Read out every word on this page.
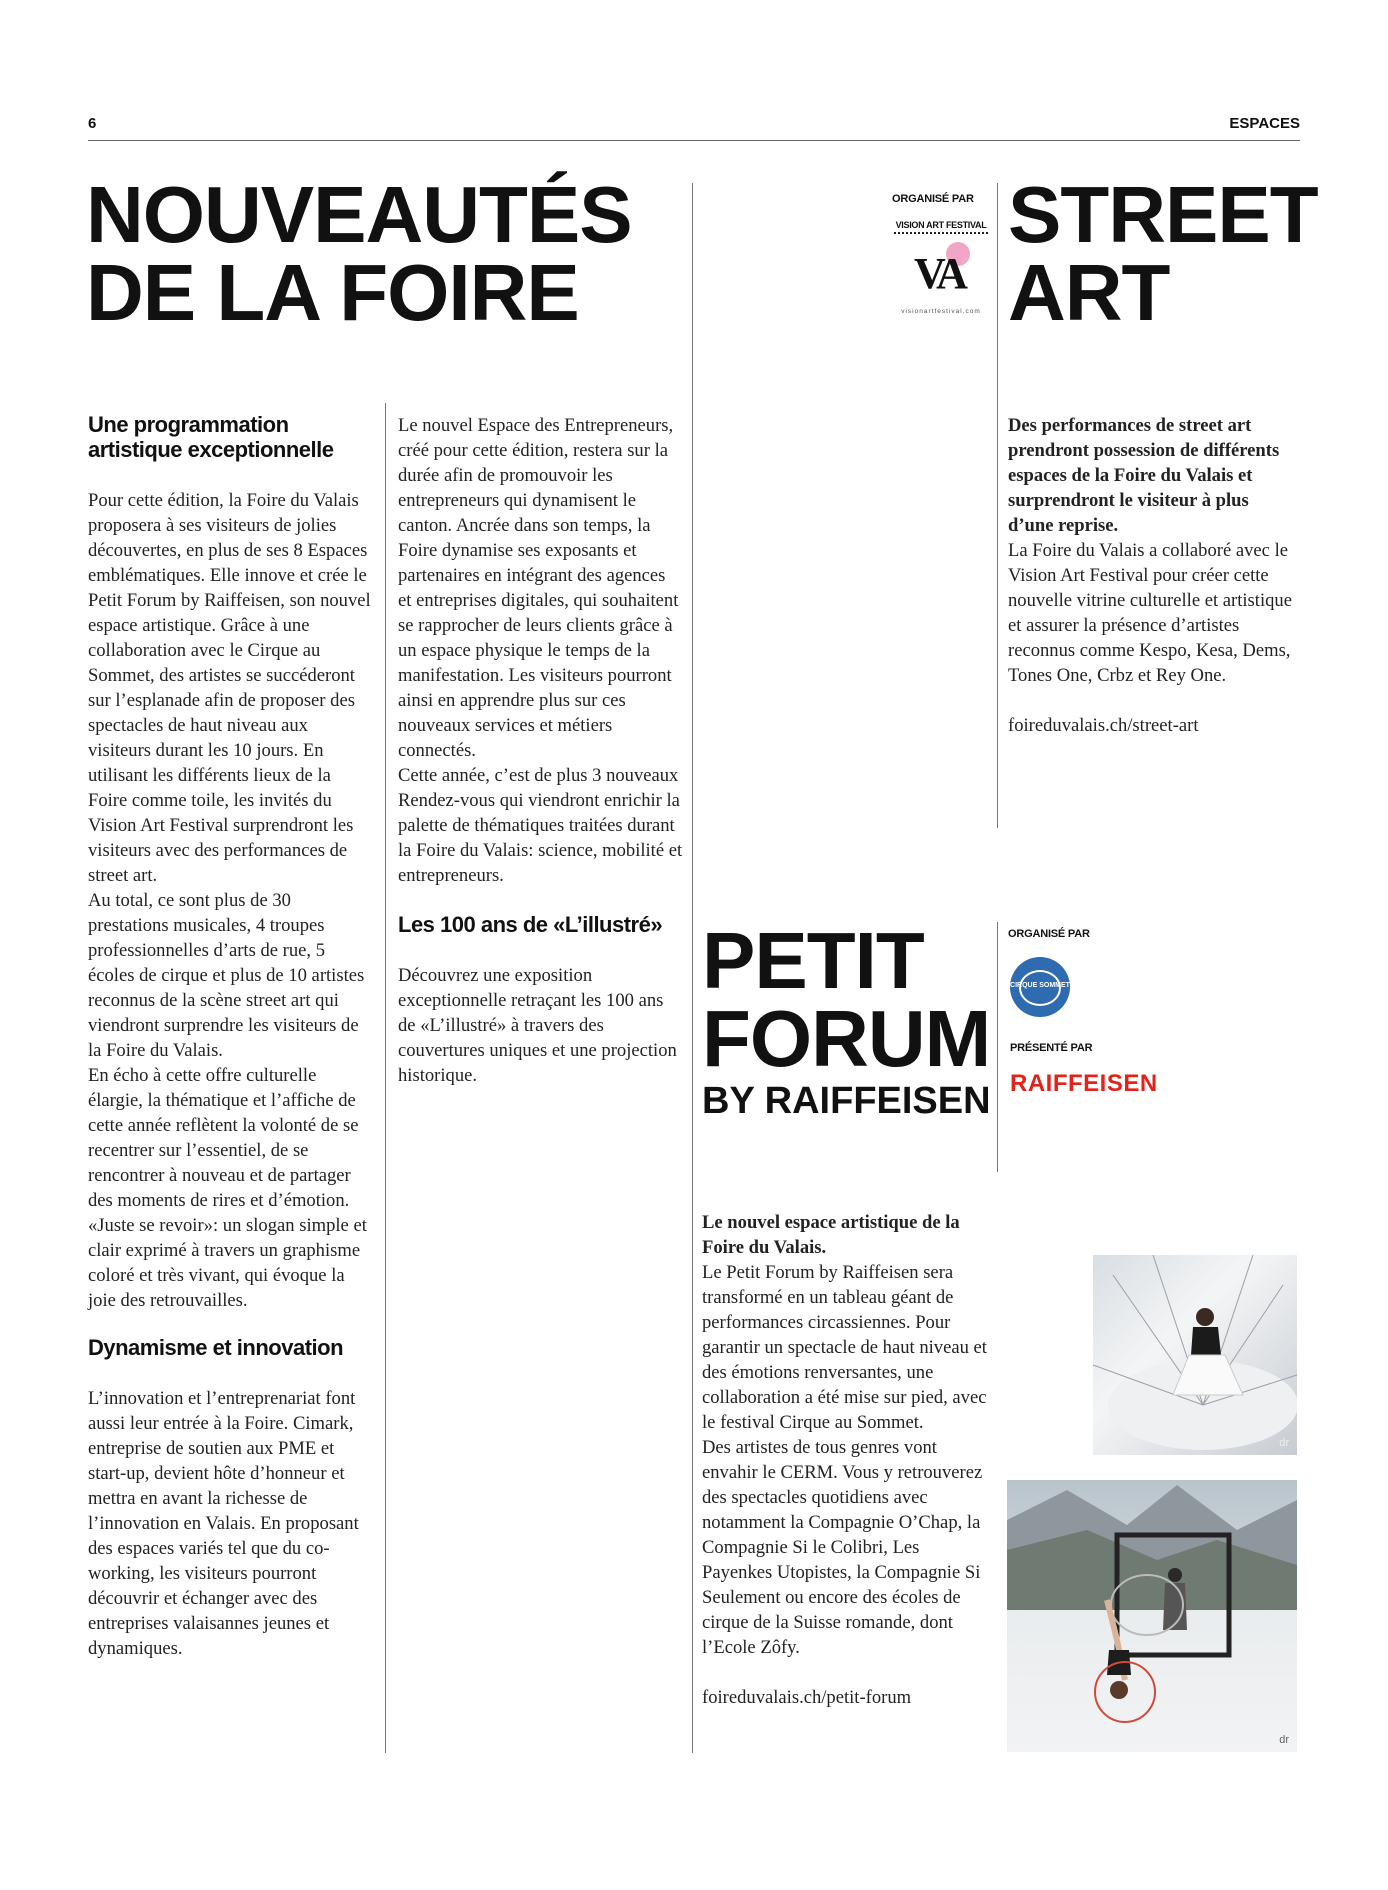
6	ESPACES
NOUVEAUTÉS
DE LA FOIRE
Une programmation artistique exceptionnelle

Pour cette édition, la Foire du Valais proposera à ses visiteurs de jolies découvertes, en plus de ses 8 Espaces emblématiques. Elle innove et crée le Petit Forum by Raiffeisen, son nouvel espace artistique. Grâce à une collaboration avec le Cirque au Sommet, des artistes se succéderont sur l’esplanade afin de proposer des spectacles de haut niveau aux visiteurs durant les 10 jours. En utilisant les différents lieux de la Foire comme toile, les invités du Vision Art Festival surprendront les visiteurs avec des performances de street art.

Au total, ce sont plus de 30 prestations musicales, 4 troupes professionnelles d’arts de rue, 5 écoles de cirque et plus de 10 artistes reconnus de la scène street art qui viendront surprendre les visiteurs de la Foire du Valais.

En écho à cette offre culturelle élargie, la thématique et l’affiche de cette année reflètent la volonté de se recentrer sur l’essentiel, de se rencontrer à nouveau et de partager des moments de rires et d’émotion. «Juste se revoir»: un slogan simple et clair exprimé à travers un graphisme coloré et très vivant, qui évoque la joie des retrouvailles.

Dynamisme et innovation

L’innovation et l’entreprenariat font aussi leur entrée à la Foire. Cimark, entreprise de soutien aux PME et start-up, devient hôte d’honneur et mettra en avant la richesse de l’innovation en Valais. En proposant des espaces variés tel que du co-working, les visiteurs pourront découvrir et échanger avec des entreprises valaisannes jeunes et dynamiques.

Le nouvel Espace des Entrepreneurs, créé pour cette édition, restera sur la durée afin de promouvoir les entrepreneurs qui dynamisent le canton. Ancrée dans son temps, la Foire dynamise ses exposants et partenaires en intégrant des agences et entreprises digitales, qui souhaitent se rapprocher de leurs clients grâce à un espace physique le temps de la manifestation. Les visiteurs pourront ainsi en apprendre plus sur ces nouveaux services et métiers connectés.

Cette année, c’est de plus 3 nouveaux Rendez-vous qui viendront enrichir la palette de thématiques traitées durant la Foire du Valais: science, mobilité et entrepreneurs.

Les 100 ans de «L’illustré»

Découvrez une exposition exceptionnelle retraçant les 100 ans de «L’illustré» à travers des couvertures uniques et une projection historique.

ORGANISÉ PAR
VISION ART FESTIVAL
VA
visionartfestival.com
STREET
ART

Des performances de street art prendront possession de différents espaces de la Foire du Valais et surprendront le visiteur à plus d’une reprise.

La Foire du Valais a collaboré avec le Vision Art Festival pour créer cette nouvelle vitrine culturelle et artistique et assurer la présence d’artistes reconnus comme Kespo, Kesa, Dems, Tones One, Crbz et Rey One.

foireduvalais.ch/street-art

PETIT
FORUM
BY RAIFFEISEN
ORGANISÉ PAR
CIRQUE SOMMET
PRÉSENTÉ PAR
RAIFFEISEN

Le nouvel espace artistique de la Foire du Valais.

Le Petit Forum by Raiffeisen sera transformé en un tableau géant de performances circassiennes. Pour garantir un spectacle de haut niveau et des émotions renversantes, une collaboration a été mise sur pied, avec le festival Cirque au Sommet.

Des artistes de tous genres vont envahir le CERM. Vous y retrouverez des spectacles quotidiens avec notamment la Compagnie O’Chap, la Compagnie Si le Colibri, Les Payenkes Utopistes, la Compagnie Si Seulement ou encore des écoles de cirque de la Suisse romande, dont l’Ecole Zôfy.

foireduvalais.ch/petit-forum

dr
dr
